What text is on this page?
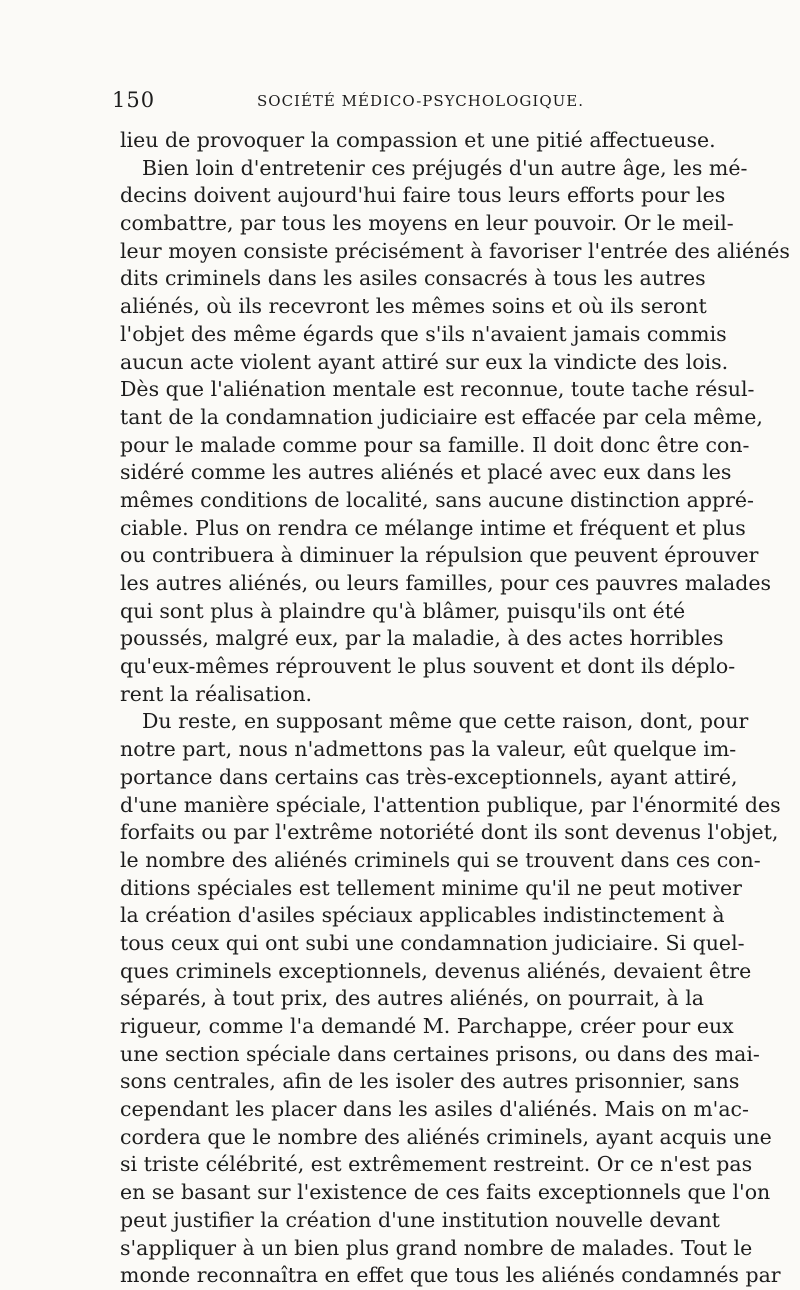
150	SOCIÉTÉ MÉDICO-PSYCHOLOGIQUE.
lieu de provoquer la compassion et une pitié affectueuse.
Bien loin d'entretenir ces préjugés d'un autre âge, les mé-
decins doivent aujourd'hui faire tous leurs efforts pour les
combattre, par tous les moyens en leur pouvoir. Or le meil-
leur moyen consiste précisément à favoriser l'entrée des aliénés
dits criminels dans les asiles consacrés à tous les autres
aliénés, où ils recevront les mêmes soins et où ils seront
l'objet des même égards que s'ils n'avaient jamais commis
aucun acte violent ayant attiré sur eux la vindicte des lois.
Dès que l'aliénation mentale est reconnue, toute tache résul-
tant de la condamnation judiciaire est effacée par cela même,
pour le malade comme pour sa famille. Il doit donc être con-
sidéré comme les autres aliénés et placé avec eux dans les
mêmes conditions de localité, sans aucune distinction appré-
ciable. Plus on rendra ce mélange intime et fréquent et plus
ou contribuera à diminuer la répulsion que peuvent éprouver
les autres aliénés, ou leurs familles, pour ces pauvres malades
qui sont plus à plaindre qu'à blâmer, puisqu'ils ont été
poussés, malgré eux, par la maladie, à des actes horribles
qu'eux-mêmes réprouvent le plus souvent et dont ils déplo-
rent la réalisation.
Du reste, en supposant même que cette raison, dont, pour
notre part, nous n'admettons pas la valeur, eût quelque im-
portance dans certains cas très-exceptionnels, ayant attiré,
d'une manière spéciale, l'attention publique, par l'énormité des
forfaits ou par l'extrême notoriété dont ils sont devenus l'objet,
le nombre des aliénés criminels qui se trouvent dans ces con-
ditions spéciales est tellement minime qu'il ne peut motiver
la création d'asiles spéciaux applicables indistinctement à
tous ceux qui ont subi une condamnation judiciaire. Si quel-
ques criminels exceptionnels, devenus aliénés, devaient être
séparés, à tout prix, des autres aliénés, on pourrait, à la
rigueur, comme l'a demandé M. Parchappe, créer pour eux
une section spéciale dans certaines prisons, ou dans des mai-
sons centrales, afin de les isoler des autres prisonnier, sans
cependant les placer dans les asiles d'aliénés. Mais on m'ac-
cordera que le nombre des aliénés criminels, ayant acquis une
si triste célébrité, est extrêmement restreint. Or ce n'est pas
en se basant sur l'existence de ces faits exceptionnels que l'on
peut justifier la création d'une institution nouvelle devant
s'appliquer à un bien plus grand nombre de malades. Tout le
monde reconnaîtra en effet que tous les aliénés condamnés par
